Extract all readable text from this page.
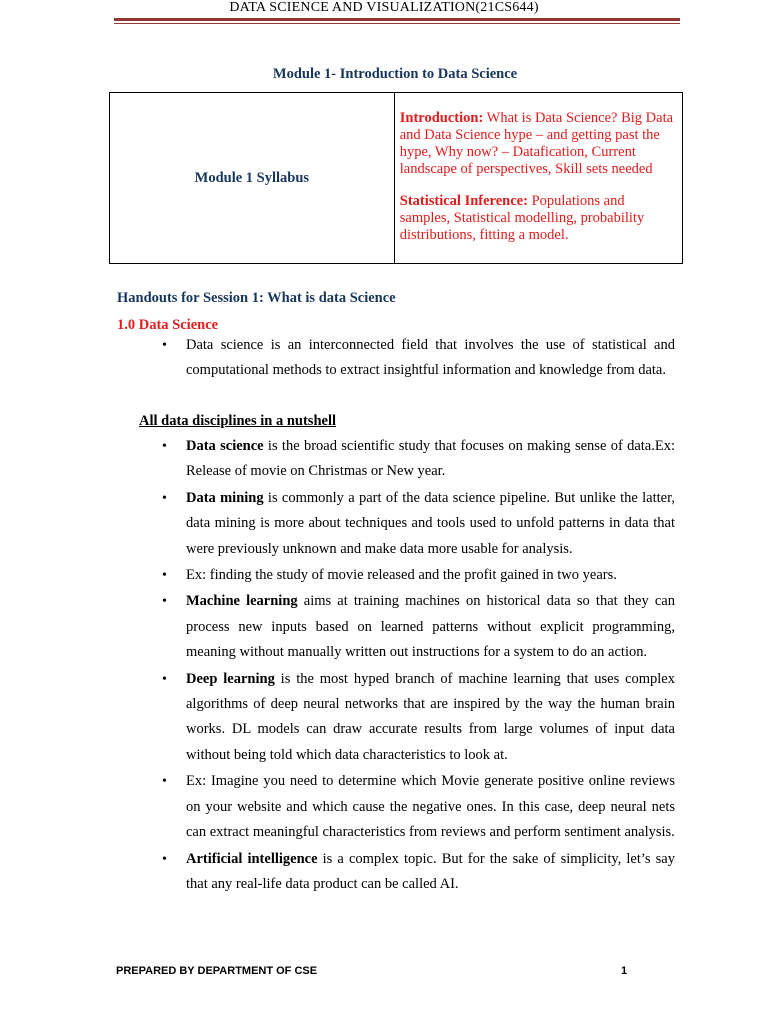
DATA SCIENCE AND VISUALIZATION(21CS644)
Module 1- Introduction to Data Science
Module 1 Syllabus	

Introduction: What is Data Science? Big Data and Data Science hype – and getting past the hype, Why now? – Datafication, Current landscape of perspectives, Skill sets needed

Statistical Inference: Populations and samples, Statistical modelling, probability distributions, fitting a model.

Handouts for Session 1: What is data Science
1.0 Data Science
• Data science is an interconnected field that involves the use of statistical and computational methods to extract insightful information and knowledge from data.
All data disciplines in a nutshell
• Data science is the broad scientific study that focuses on making sense of data.Ex: Release of movie on Christmas or New year.
• Data mining is commonly a part of the data science pipeline. But unlike the latter, data mining is more about techniques and tools used to unfold patterns in data that were previously unknown and make data more usable for analysis.
• Ex: finding the study of movie released and the profit gained in two years.
• Machine learning aims at training machines on historical data so that they can process new inputs based on learned patterns without explicit programming, meaning without manually written out instructions for a system to do an action.
• Deep learning is the most hyped branch of machine learning that uses complex algorithms of deep neural networks that are inspired by the way the human brain works. DL models can draw accurate results from large volumes of input data without being told which data characteristics to look at.
• Ex: Imagine you need to determine which Movie generate positive online reviews on your website and which cause the negative ones. In this case, deep neural nets can extract meaningful characteristics from reviews and perform sentiment analysis.
• Artificial intelligence is a complex topic. But for the sake of simplicity, let’s say that any real-life data product can be called AI.
PREPARED BY DEPARTMENT OF CSE	1
